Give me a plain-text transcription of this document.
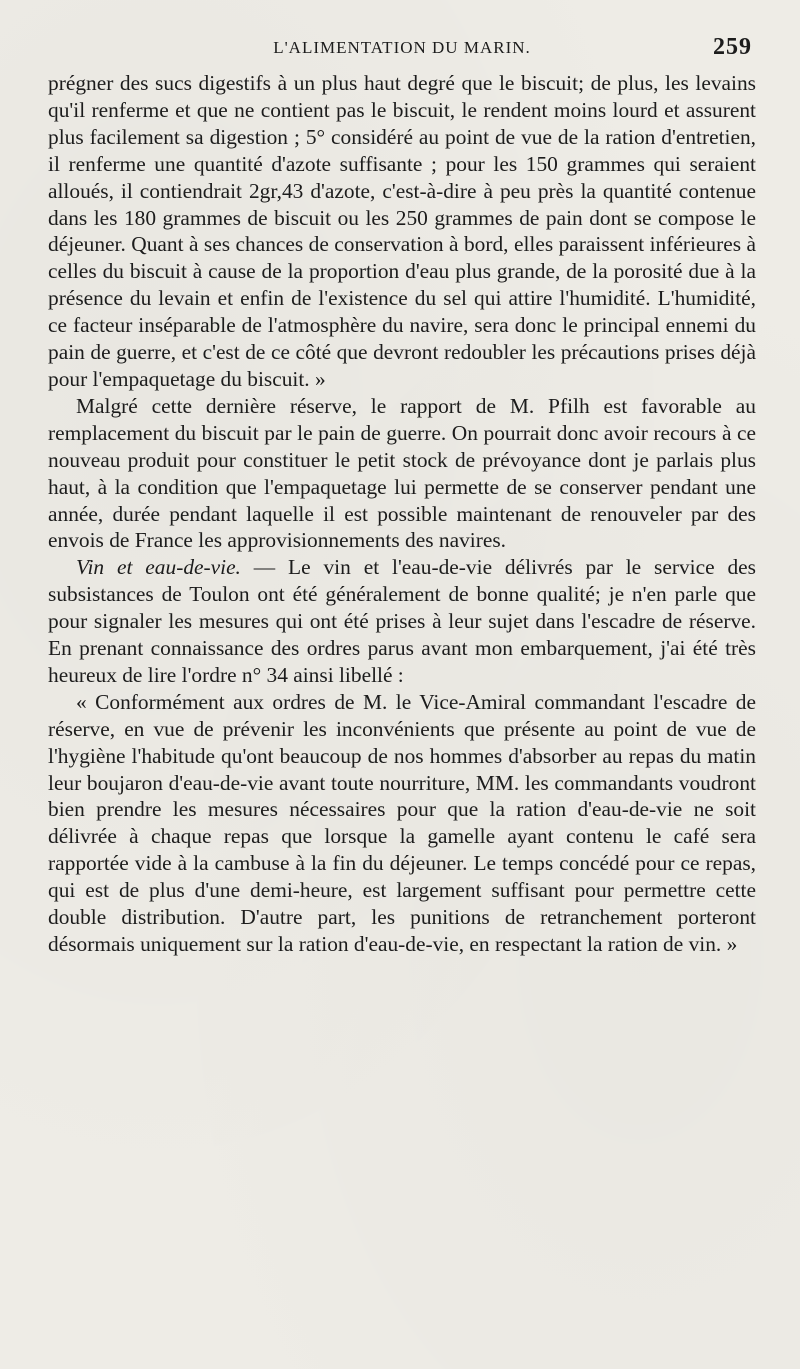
L'ALIMENTATION DU MARIN.	259

prégner des sucs digestifs à un plus haut degré que le biscuit; de plus, les levains qu'il renferme et que ne contient pas le biscuit, le rendent moins lourd et assurent plus facilement sa digestion ; 5° considéré au point de vue de la ration d'entretien, il renferme une quantité d'azote suffisante ; pour les 150 grammes qui seraient alloués, il contiendrait 2gr,43 d'azote, c'est-à-dire à peu près la quantité contenue dans les 180 grammes de biscuit ou les 250 grammes de pain dont se compose le déjeuner. Quant à ses chances de conservation à bord, elles paraissent inférieures à celles du biscuit à cause de la proportion d'eau plus grande, de la porosité due à la présence du levain et enfin de l'existence du sel qui attire l'humidité. L'humidité, ce facteur inséparable de l'atmosphère du navire, sera donc le principal ennemi du pain de guerre, et c'est de ce côté que devront redoubler les précautions prises déjà pour l'empaquetage du biscuit. »

Malgré cette dernière réserve, le rapport de M. Pfilh est favorable au remplacement du biscuit par le pain de guerre. On pourrait donc avoir recours à ce nouveau produit pour constituer le petit stock de prévoyance dont je parlais plus haut, à la condition que l'empaquetage lui permette de se conserver pendant une année, durée pendant laquelle il est possible maintenant de renouveler par des envois de France les approvisionnements des navires.

Vin et eau-de-vie. — Le vin et l'eau-de-vie délivrés par le service des subsistances de Toulon ont été généralement de bonne qualité; je n'en parle que pour signaler les mesures qui ont été prises à leur sujet dans l'escadre de réserve. En prenant connaissance des ordres parus avant mon embarquement, j'ai été très heureux de lire l'ordre n° 34 ainsi libellé :

« Conformément aux ordres de M. le Vice-Amiral commandant l'escadre de réserve, en vue de prévenir les inconvénients que présente au point de vue de l'hygiène l'habitude qu'ont beaucoup de nos hommes d'absorber au repas du matin leur boujaron d'eau-de-vie avant toute nourriture, MM. les commandants voudront bien prendre les mesures nécessaires pour que la ration d'eau-de-vie ne soit délivrée à chaque repas que lorsque la gamelle ayant contenu le café sera rapportée vide à la cambuse à la fin du déjeuner. Le temps concédé pour ce repas, qui est de plus d'une demi-heure, est largement suffisant pour permettre cette double distribution. D'autre part, les punitions de retranchement porteront désormais uniquement sur la ration d'eau-de-vie, en respectant la ration de vin. »
